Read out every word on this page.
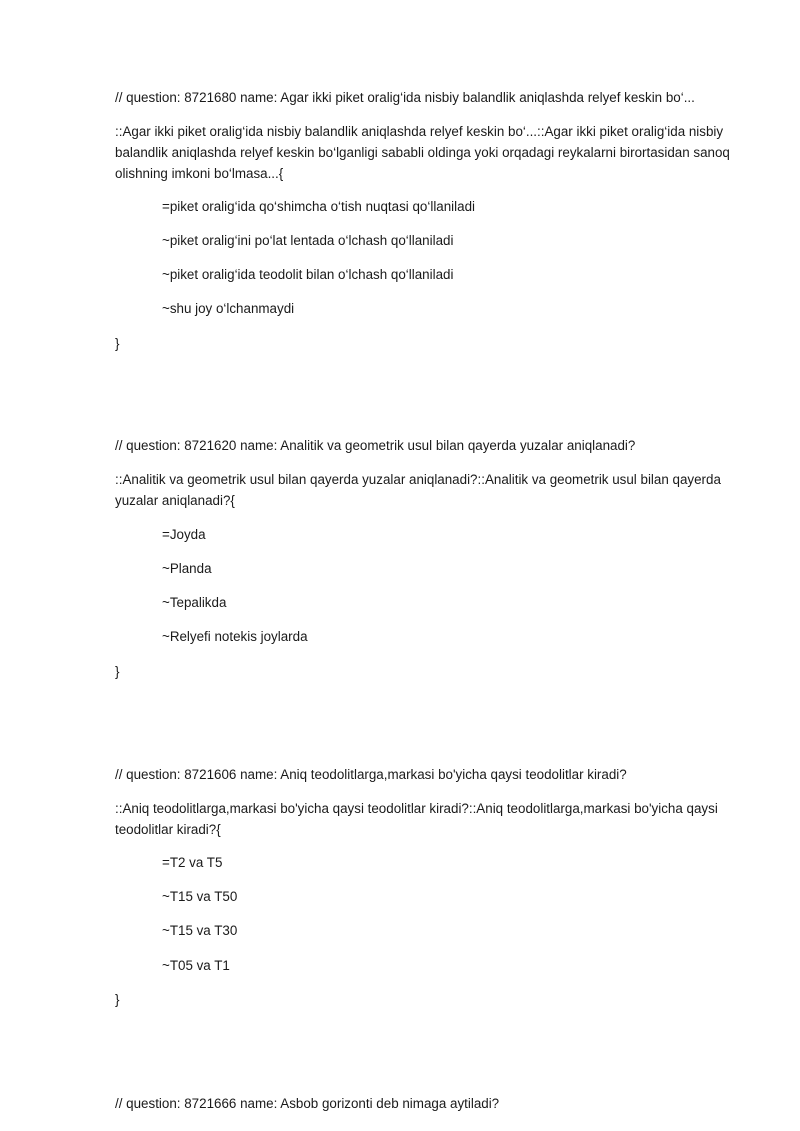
// question: 8721680 name: Agar ikki piket oralig‘ida nisbiy balandlik aniqlashda relyef keskin bo‘...
::Agar ikki piket oralig‘ida nisbiy balandlik aniqlashda relyef keskin bo‘...::Agar ikki piket oralig‘ida nisbiy balandlik aniqlashda relyef keskin bo‘lganligi sababli oldinga yoki orqadagi reykalarni birortasidan sanoq olishning imkoni bo‘lmasa...{
=piket oralig‘ida qo‘shimcha o‘tish nuqtasi qo‘llaniladi
~piket oralig‘ini po‘lat lentada o‘lchash qo‘llaniladi
~piket oralig‘ida teodolit bilan o‘lchash qo‘llaniladi
~shu joy o‘lchanmaydi
}
// question: 8721620 name: Analitik va geometrik usul bilan qayerda yuzalar aniqlanadi?
::Analitik va geometrik usul bilan qayerda yuzalar aniqlanadi?::Analitik va geometrik usul bilan qayerda yuzalar aniqlanadi?{
=Joyda
~Planda
~Tepalikda
~Relyefi notekis joylarda
}
// question: 8721606 name: Aniq teodolitlarga,markasi bo'yicha qaysi teodolitlar kiradi?
::Aniq teodolitlarga,markasi bo'yicha qaysi teodolitlar kiradi?::Aniq teodolitlarga,markasi bo'yicha qaysi teodolitlar kiradi?{
=T2 va T5
~T15 va T50
~T15 va T30
~T05 va T1
}
// question: 8721666 name: Asbob gorizonti deb nimaga aytiladi?
